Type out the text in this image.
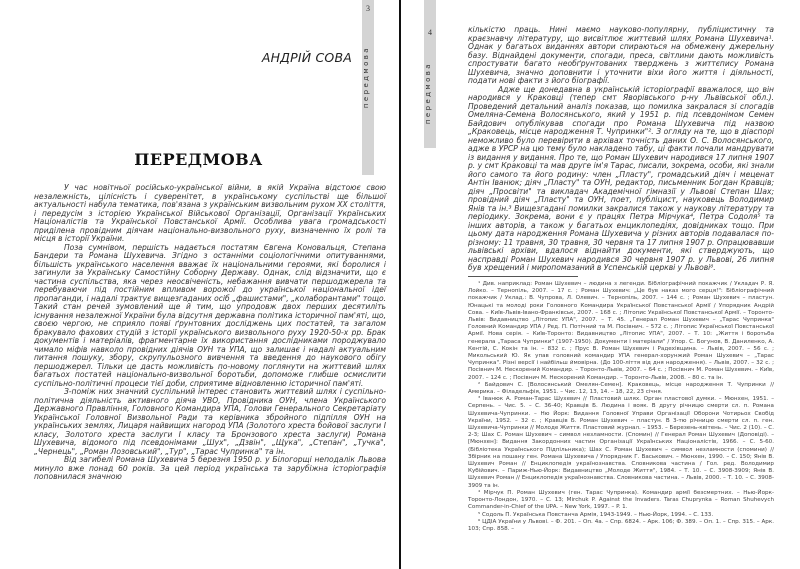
3
передмова
АНДРІЙ СОВА
ПЕРЕДМОВА

У час новітньої російсько-української війни, в якій Україна відстоює свою незалежність, цілісність і суверенітет, в українському суспільстві ще більшої актуальності набула тематика, пов'язана з українським визвольним рухом XX століття, і передусім з історією Української Військової Організації, Організації Українських Націоналістів та Української Повстанської Армії. Особлива увага громадськості приділена провідним діячам національно-визвольного руху, визначенню їх ролі та місця в історії України.

Поза сумнівом, першість надається постатям Євгена Коновальця, Степана Бандери та Романа Шухевича. Згідно з останніми соціологічними опитуваннями, більшість українського населення вважає їх національними героями, які боролися і загинули за Українську Самостійну Соборну Державу. Однак, слід відзначити, що є частина суспільства, яка через неосвіченість, небажання вивчати першоджерела та перебуваючи під постійним впливом ворожої до української національної ідеї пропаганди, і надалі трактує вищезгаданих осіб „фашистами", „колаборантами" тощо. Такий стан речей зумовлений ще й тим, що упродовж двох перших десятиліть існування незалежної України була відсутня державна політика історичної пам'яті, що, своєю чергою, не сприяло появі ґрунтовних досліджень цих постатей, та загалом бракувало фахових студій з історії українського визвольного руху 1920-50-х рр. Брак документів і матеріалів, фрагментарне їх використання дослідниками породжувало чимало міфів навколо провідних діячів ОУН та УПА, що залишає і надалі актуальним питання пошуку, збору, скрупульозного вивчення та введення до наукового обігу першоджерел. Тільки це дасть можливість по-новому поглянути на життєвий шлях багатьох постатей національно-визвольної боротьби, допоможе глибше осмислити суспільно-політичні процеси тієї доби, сприятиме відновленню історичної пам'яті.

З-поміж них значний суспільний інтерес становить життєвий шлях і суспільно-політична діяльність активного діяча УВО, Провідника ОУН, члена Українського Державного Правління, Головного Командира УПА, Голови Генерального Секретаріату Української Головної Визвольної Ради та керівника збройного підпілля ОУН на українських землях, Лицаря найвищих нагород УПА (Золотого хреста бойової заслуги I класу, Золотого хреста заслуги I класу та Бронзового хреста заслуги) Романа Шухевича, відомого під псевдонімами „Шух", „Дзвін", „Щука", „Степан", „Тучка", „Чернець", „Роман Лозовський", „Тур", „Тарас Чупринка" та ін.

Від загибелі Романа Шухевича 5 березня 1950 р. у Білогорщі неподалік Львова минуло вже понад 60 років. За цей період українська та зарубіжна історіографія поповнилася значною

4
передмова

кількістю праць. Нині маємо науково-популярну, публіцистичну та краєзнавчу літературу, що висвітлює життєвий шлях Романа Шухевича¹. Однак у багатьох виданнях автори спираються на обмежену джерельну базу. Віднайдені документи, спогади, преса, світлини дають можливість спростувати багато необґрунтованих тверджень з життєпису Романа Шухевича, значно доповнити і уточнити віхи його життя і діяльності, подати нові факти з його біографії.

Адже ще донедавна в українській історіографії вважалося, що він народився у Краковці (тепер смт Яворівського р-ну Львівської обл.). Проведений детальний аналіз показав, що помилка закралася зі спогадів Омеляна-Семена Волосянського, який у 1951 р. під псевдонімом Семен Байдович опублікував спогади про Романа Шухевича під назвою „Краковець, місце народження Т. Чупринки"². З огляду на те, що в діаспорі неможливо було перевірити в архівах точність даних О. С. Волосянського, адже в УРСР на цю тему було накладено табу, ці факти почали мандрувати із видання у видання. Про те, що Роман Шухевич народився 17 липня 1907 р. у смт Краковці та мав друге ім'я Тарас, писали, зокрема, особи, які знали його самого та його родину: член „Пласту", громадський діяч і меценат Антін Іванюк; діяч „Пласту" та ОУН, редактор, письменник Богдан Кравців; діяч „Просвіти" та викладач Академічної гімназії у Львові Степан Шах; провідний діяч „Пласту" та ОУН, поет, публіцист, науковець Володимир Янів та ін.³ Вищезгадані помилки закралися також у наукову літературу та періодику. Зокрема, вони є у працях Петра Мірчука⁴, Петра Содоля⁵ та інших авторів, а також у багатьох енциклопедіях, довідниках тощо. При цьому дата народження Романа Шухевича у різних авторів подавалася по-різному: 11 травня, 30 травня, 30 червня та 17 липня 1907 р. Опрацювавши львівські архіви, вдалося віднайти документи, які стверджують, що насправді Роман Шухевич народився 30 червня 1907 р. у Львові, 26 липня був хрещений і миропомазаний в Успенській церкві у Львові⁶.

¹ Див. наприклад: Роман Шухевич – людина з легенди. Бібліографічний покажчик / Укладач Р. Я. Лойко. – Тернопіль, 2007. – 17 с. ; Роман Шухевич: „Це був наказ мого серця!": Бібліографічний покажчик / Уклад.: В. Чупрова, Л. Олевич. – Тернопіль, 2007. – 144 с. ; Роман Шухевич – пластун. Юнацькі та молоді роки Головного Командира Української Повстанської Армії / Упорядник Андрій Сова. – Київ-Львів-Івано-Франківськ, 2007. – 168 с. ; Літопис Української Повстанської Армії. – Торонто-Львів: Видавництво „Літопис УПА", 2007. – Т. 45. „Генерал Роман Шухевич – „Тарас Чупринка" Головний Командир УПА / Ред. П. Потічний та М. Посівнич. – 572 с. ; Літопис Української Повстанської Армії. Нова серія. – Київ-Торонто: Видавництво „Літопис УПА", 2007. – Т. 10: „Життя і боротьба генерала „Тараса Чупринки" (1907-1950). Документи і матеріали" / Упор. С. Богунов, В. Даниленко, А. Кентій, С. Кокін та ін. – 832 с. ; Прус В. Роман Шухевич і Радехівщина. – Львів, 2007. – 56 с. ; Микольський Ю. Як упав головний командир УПА генерал-хорунжий Роман Шухевич – „Тарас Чупринка". Різні версії і найбільш ймовірна. (До 100-ліття від дня народження). – Львів, 2007. – 32 с. ; Посівнич М. Нескорений Командир. – Торонто-Львів, 2007. – 64 с. ; Посівнич М. Роман Шухевич. – Київ, 2007. – 124 с. ; Посівнич М. Нескорений Командир. – Торонто-Львів, 2008. – 80 с. та ін.

² Байдович С. [Волосянський Омелян-Семен]. Краковець, місце народження Т. Чупринки // Америка. – Філадельфія, 1951. – Чис. 12, 13, 14. – 18, 22, 23 січня.

³ Іванюк А. Роман-Тарас Шухевич // Пластовий шлях. Орган пластової думки. – Мюнхен, 1951. – Серпень. – Чис. 5. – С. 36-40; Кравців Б. Людина і вояк. В другу річницю смерти сл. п. Романа Шухевича-Чупринки. – Ню Йорк: Видання Головної Управи Організації Оборони Чотирьох Свобід України, 1952. – 32 с. ; Кравців Б. Роман Шухевич – пластун. В 3-тю річницю смерти сл. п. ген. Шухевича-Чупринки // Молоде Життя. Пластовий журнал. – 1953. – Березень-квітень. – Чис. 2 (10). – С. 2-3; Шах С. Роман Шухевич – символ незламности. (Спомин) // Генерал Роман Шухевич (Доповіді). – [Мюнхен]: Видання Закордонних частин Організації Українських Націоналістів, 1966. – С. 5-60. (Бібліотека Українського Підпільника); Шах С. Роман Шухевич – символ незламности (спомини) // Збірник на пошану ген. Романа Шухевича / Упорядник Г. Васькович. – Мюнхен, 1990. – С. 150; Янів В. Шухевич Роман // Енциклопедія українознавства. Словникова частина / Гол. ред. Володимир Кубійович. – Париж-Нью-Йорк: Видавництво „Молоде Життя", 1984. – Т. 10. – С. 3908-3909; Янів В. Шухевич Роман // Енциклопедія українознавства. Словникова частина. – Львів, 2000. – Т. 10. – С. 3908-3909 та ін.

⁴ Мірчук П. Роман Шухевич (ген. Тарас Чупринка). Командир армії безсмертних. – Нью-Йорк-Торонто-Лондон, 1970. – С. 13; Mirchuk P. Against the Invaders. Taras Chuprynka – Roman Shuhevych Commander-in-Chief of the UPA. – New York, 1997. – P. 1.

⁵ Содоль П. Українська Повстанча Армія, 1943-1949. – Нью-Йорк, 1994. – С. 133.

⁶ ЦДІА України у Львові. – Ф. 201. – Оп. 4а. – Спр. 6824. – Арк. 106; Ф. 389. – Оп. 1. – Спр. 315. – Арк. 103; Спр. 858. –
